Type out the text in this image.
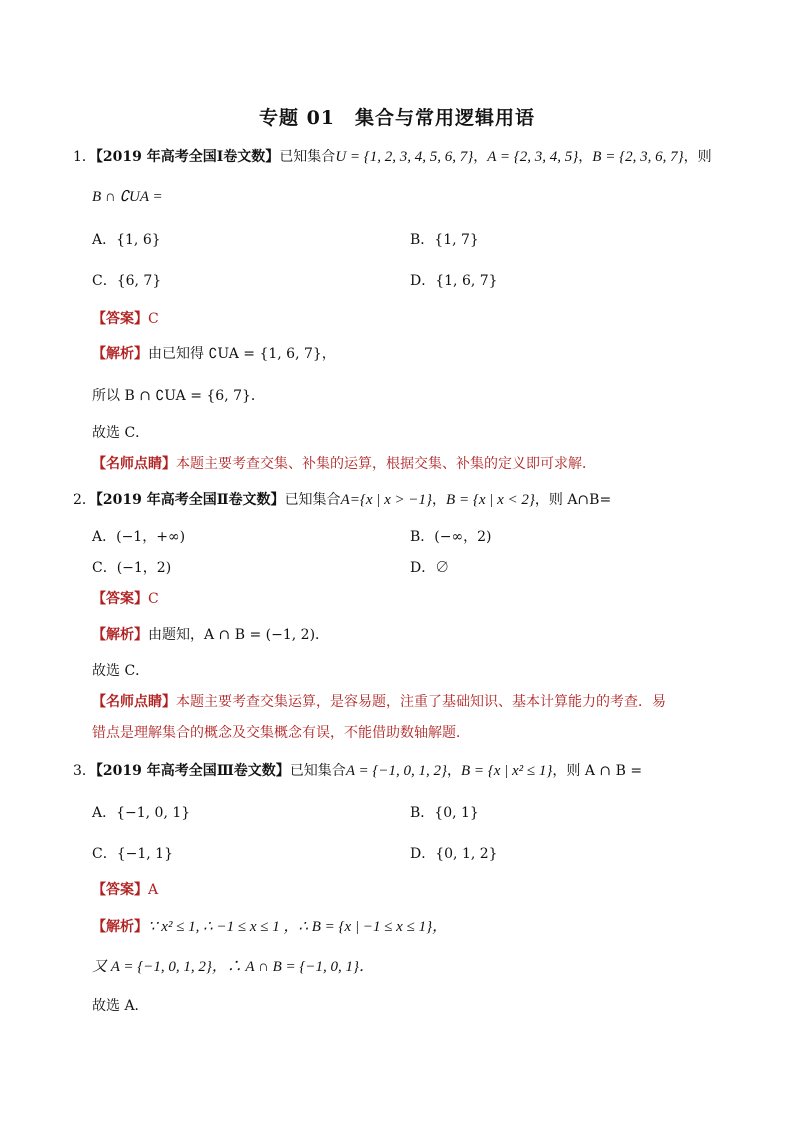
专题 01　集合与常用逻辑用语
1．【2019 年高考全国Ⅰ卷文数】已知集合U = {1, 2, 3, 4, 5, 6, 7}，A = {2, 3, 4, 5}，B = {2, 3, 6, 7}，则
B ∩ ∁UA =
A．{1, 6}	B．{1, 7}
C．{6, 7}	D．{1, 6, 7}
【答案】C
【解析】由已知得 ∁UA = {1, 6, 7}，
所以 B ∩ ∁UA = {6, 7}．
故选 C．
【名师点睛】本题主要考查交集、补集的运算，根据交集、补集的定义即可求解．
2．【2019 年高考全国Ⅱ卷文数】已知集合A={x | x > −1}，B = {x | x < 2}，则 A∩B=
A．(−1，+∞)	B．(−∞，2)
C．(−1，2)	D．∅
【答案】C
【解析】由题知，A ∩ B = (−1, 2)．
故选 C．
【名师点睛】本题主要考查交集运算，是容易题，注重了基础知识、基本计算能力的考查．易
错点是理解集合的概念及交集概念有误，不能借助数轴解题．
3．【2019 年高考全国Ⅲ卷文数】已知集合A = {−1, 0, 1, 2}，B = {x | x² ≤ 1}，则 A ∩ B =
A．{−1, 0, 1}	B．{0, 1}
C．{−1, 1}	D．{0, 1, 2}
【答案】A
【解析】∵ x² ≤ 1, ∴ −1 ≤ x ≤ 1 ，∴ B = {x | −1 ≤ x ≤ 1}，
又 A = {−1, 0, 1, 2}，∴ A ∩ B = {−1, 0, 1}．
故选 A．
